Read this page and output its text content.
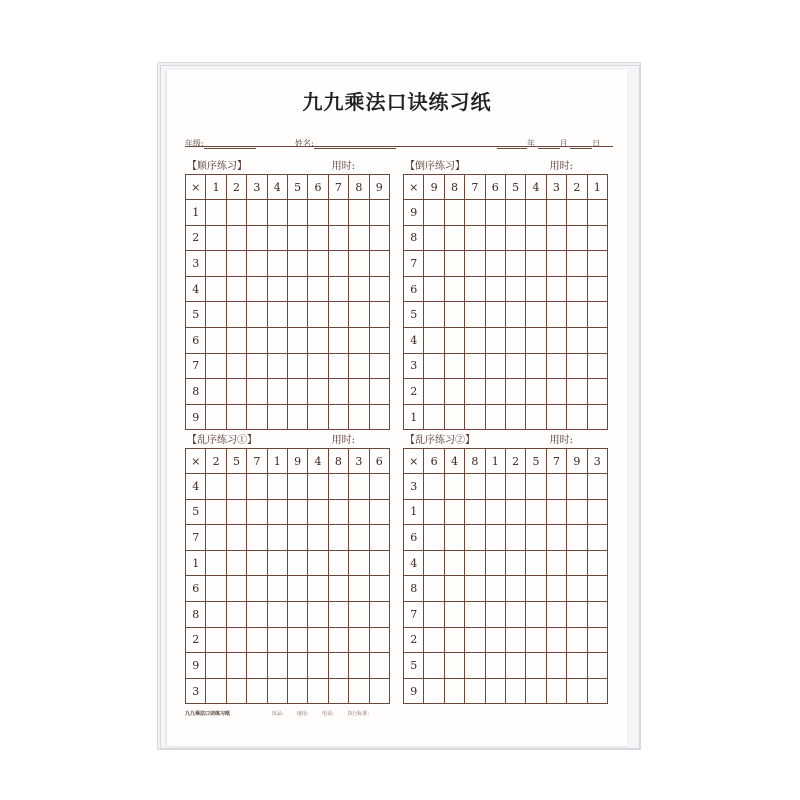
九九乘法口诀练习纸
年级:	姓名:	年	月	日
【顺序练习】	用时:
×	1	2	3	4	5	6	7	8	9
1									
2									
3									
4									
5									
6									
7									
8									
9									
【倒序练习】	用时:
×	9	8	7	6	5	4	3	2	1
9									
8									
7									
6									
5									
4									
3									
2									
1									
【乱序练习①】	用时:
×	2	5	7	1	9	4	8	3	6
4									
5									
7									
1									
6									
8									
2									
9									
3									
【乱序练习②】	用时:
×	6	4	8	1	2	5	7	9	3
3									
1									
6									
4									
8									
7									
2									
5									
9									
九九乘法口诀练习纸	出品:	地址:	电话:	执行标准:
